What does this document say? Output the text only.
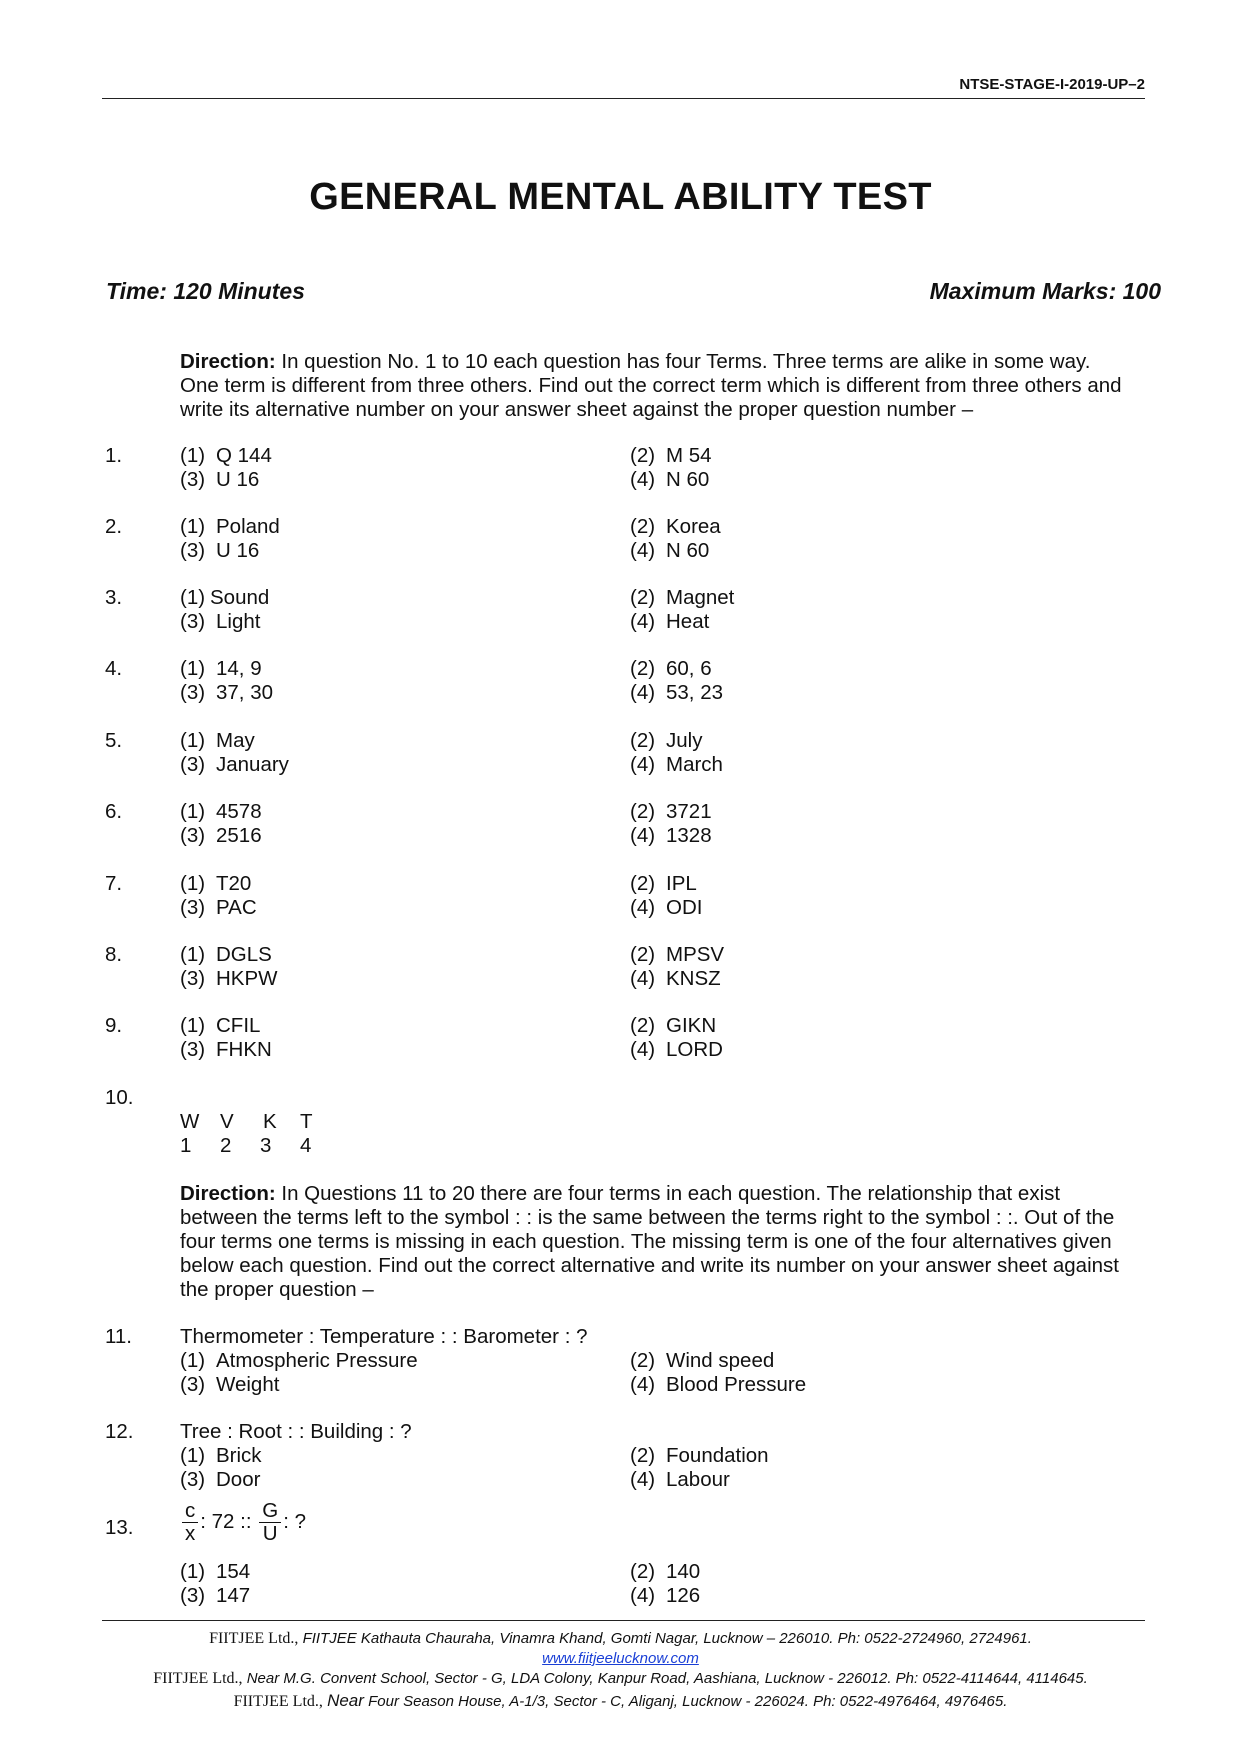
NTSE-STAGE-I-2019-UP–2
GENERAL MENTAL ABILITY TEST
Time: 120 Minutes	Maximum Marks: 100
Direction: In question No. 1 to 10 each question has four Terms. Three terms are alike in some way. One term is different from three others. Find out the correct term which is different from three others and write its alternative number on your answer sheet against the proper question number –
1.	(1) Q 144	(2) M 54
(3) U 16	(4) N 60
2.	(1) Poland	(2) Korea
(3) U 16	(4) N 60
3.	(1) Sound	(2) Magnet
(3) Light	(4) Heat
4.	(1) 14, 9	(2) 60, 6
(3) 37, 30	(4) 53, 23
5.	(1) May	(2) July
(3) January	(4) March
6.	(1) 4578	(2) 3721
(3) 2516	(4) 1328
7.	(1) T20	(2) IPL
(3) PAC	(4) ODI
8.	(1) DGLS	(2) MPSV
(3) HKPW	(4) KNSZ
9.	(1) CFIL	(2) GIKN
(3) FHKN	(4) LORD
10.
W V K T
1 2 3 4
Direction: In Questions 11 to 20 there are four terms in each question. The relationship that exist between the terms left to the symbol : : is the same between the terms right to the symbol : :. Out of the four terms one terms is missing in each question. The missing term is one of the four alternatives given below each question. Find out the correct alternative and write its number on your answer sheet against the proper question –
11. Thermometer : Temperature : : Barometer : ?
(1) Atmospheric Pressure	(2) Wind speed
(3) Weight	(4) Blood Pressure
12. Tree : Root : : Building : ?
(1) Brick	(2) Foundation
(3) Door	(4) Labour
13. $\frac{c}{x}$ : 72 :: $\frac{G}{U}$ : ?
(1) 154	(2) 140
(3) 147	(4) 126
FIITJEE Ltd., FIITJEE Kathauta Chauraha, Vinamra Khand, Gomti Nagar, Lucknow – 226010. Ph: 0522-2724960, 2724961.
www.fiitjeelucknow.com
FIITJEE Ltd., Near M.G. Convent School, Sector - G, LDA Colony, Kanpur Road, Aashiana, Lucknow - 226012. Ph: 0522-4114644, 4114645.
FIITJEE Ltd., Near Four Season House, A-1/3, Sector - C, Aliganj, Lucknow - 226024. Ph: 0522-4976464, 4976465.
